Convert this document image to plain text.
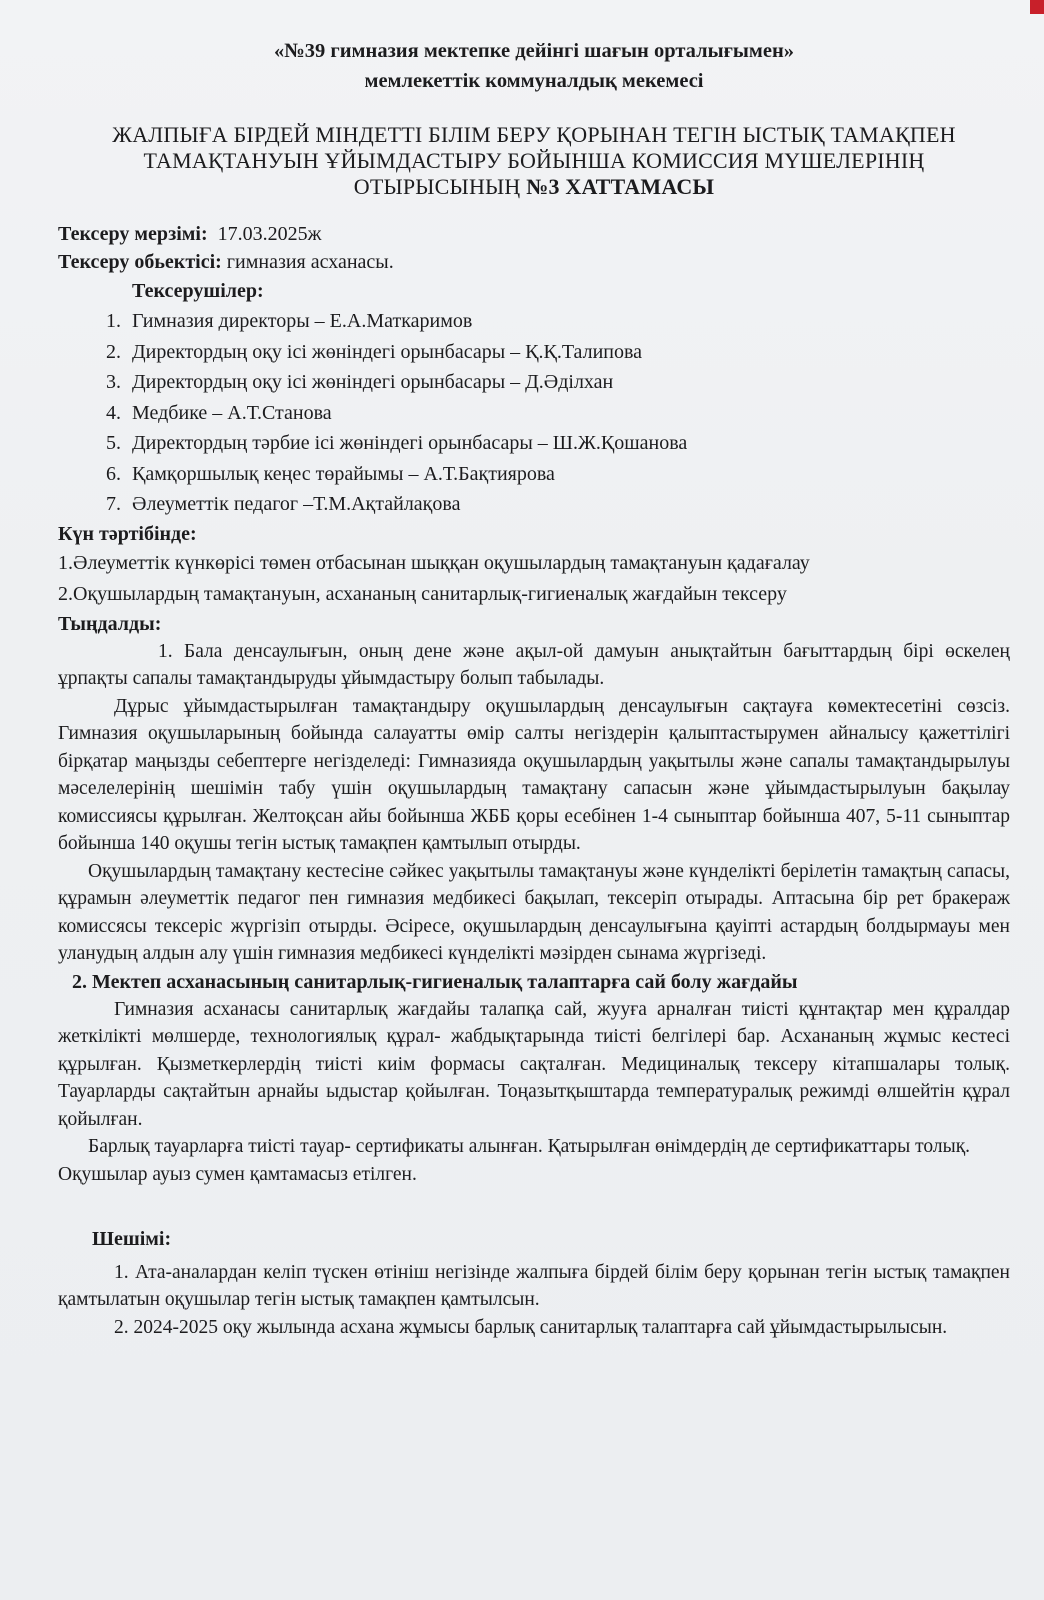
«№39 гимназия мектепке дейінгі шағын орталығымен»
мемлекеттік коммуналдық мекемесі
ЖАЛПЫҒА БІРДЕЙ МІНДЕТТІ БІЛІМ БЕРУ ҚОРЫНАН ТЕГІН ЫСТЫҚ ТАМАҚПЕН
ТАМАҚТАНУЫН ҰЙЫМДАСТЫРУ БОЙЫНША КОМИССИЯ МҮШЕЛЕРІНІҢ
ОТЫРЫСЫНЫҢ №3 ХАТТАМАСЫ
Тексеру мерзімі: 17.03.2025ж
Тексеру обьектісі: гимназия асханасы.
Тексерушілер:
1. Гимназия директоры – Е.А.Маткаримов
2. Директордың оқу ісі жөніндегі орынбасары – Қ.Қ.Талипова
3. Директордың оқу ісі жөніндегі орынбасары – Д.Әділхан
4. Медбике – А.Т.Станова
5. Директордың тәрбие ісі жөніндегі орынбасары – Ш.Ж.Қошанова
6. Қамқоршылық кеңес төрайымы – А.Т.Бақтиярова
7. Әлеуметтік педагог –Т.М.Ақтайлақова
Күн тәртібінде:
1.Әлеуметтік күнкөрісі төмен отбасынан шыққан оқушылардың тамақтануын қадағалау
2.Оқушылардың тамақтануын, асхананың санитарлық-гигиеналық жағдайын тексеру
Тыңдалды:

1. Бала денсаулығын, оның дене және ақыл-ой дамуын анықтайтын бағыттардың бірі өскелең ұрпақты сапалы тамақтандыруды ұйымдастыру болып табылады.

Дұрыс ұйымдастырылған тамақтандыру оқушылардың денсаулығын сақтауға көмектесетіні сөзсіз. Гимназия оқушыларының бойында салауатты өмір салты негіздерін қалыптастырумен айналысу қажеттілігі бірқатар маңызды себептерге негізделеді: Гимназияда оқушылардың уақытылы және сапалы тамақтандырылуы мәселелерінің шешімін табу үшін оқушылардың тамақтану сапасын және ұйымдастырылуын бақылау комиссиясы құрылған. Желтоқсан айы бойынша ЖББ қоры есебінен 1-4 сыныптар бойынша 407, 5-11 сыныптар бойынша 140 оқушы тегін ыстық тамақпен қамтылып отырды.

Оқушылардың тамақтану кестесіне сәйкес уақытылы тамақтануы және күнделікті берілетін тамақтың сапасы, құрамын әлеуметтік педагог пен гимназия медбикесі бақылап, тексеріп отырады. Аптасына бір рет бракераж комиссясы тексеріс жүргізіп отырды. Әсіресе, оқушылардың денсаулығына қауіпті астардың болдырмауы мен уланудың алдын алу үшін гимназия медбикесі күнделікті мәзірден сынама жүргізеді.

2. Мектеп асханасының санитарлық-гигиеналық талаптарға сай болу жағдайы

Гимназия асханасы санитарлық жағдайы талапқа сай, жууға арналған тиісті құнтақтар мен құралдар жеткілікті мөлшерде, технологиялық құрал- жабдықтарында тиісті белгілері бар. Асхананың жұмыс кестесі құрылған. Қызметкерлердің тиісті киім формасы сақталған. Медициналық тексеру кітапшалары толық. Тауарларды сақтайтын арнайы ыдыстар қойылған. Тоңазытқыштарда температуралық режимді өлшейтін құрал қойылған.

Барлық тауарларға тиісті тауар- сертификаты алынған. Қатырылған өнімдердің де сертификаттары толық.

Оқушылар ауыз сумен қамтамасыз етілген.
Шешімі:

1. Ата-аналардан келіп түскен өтініш негізінде жалпыға бірдей білім беру қорынан тегін ыстық тамақпен қамтылатын оқушылар тегін ыстық тамақпен қамтылсын.

2. 2024-2025 оқу жылында асхана жұмысы барлық санитарлық талаптарға сай ұйымдастырылысын.
